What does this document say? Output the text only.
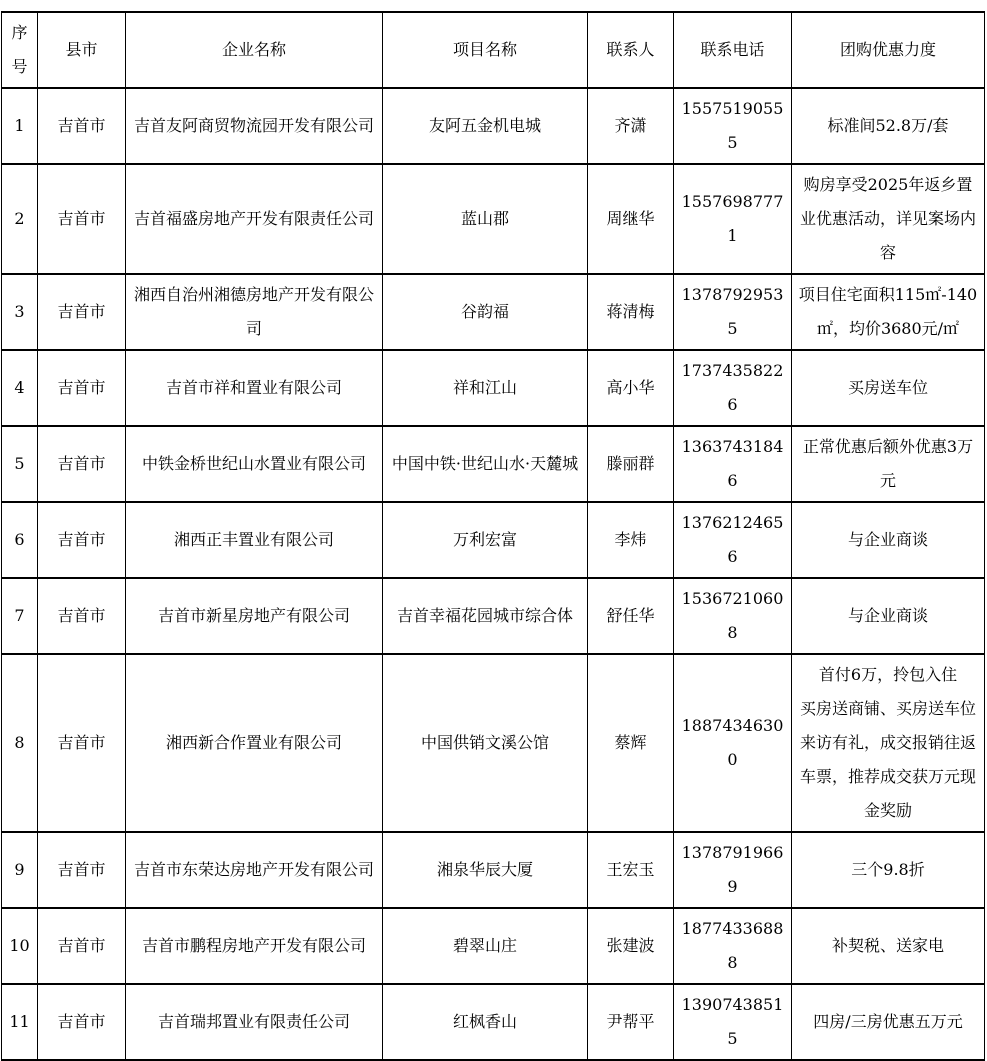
序号	县市	企业名称	项目名称	联系人	联系电话	团购优惠力度
1	吉首市	吉首友阿商贸物流园开发有限公司	友阿五金机电城	齐潇	15575190555	标准间52.8万/套
2	吉首市	吉首福盛房地产开发有限责任公司	蓝山郡	周继华	15576987771	购房享受2025年返乡置业优惠活动，详见案场内容
3	吉首市	湘西自治州湘德房地产开发有限公司	谷韵福	蒋清梅	13787929535	项目住宅面积115㎡-140㎡，均价3680元/㎡
4	吉首市	吉首市祥和置业有限公司	祥和江山	高小华	17374358226	买房送车位
5	吉首市	中铁金桥世纪山水置业有限公司	中国中铁·世纪山水·天麓城	滕丽群	13637431846	正常优惠后额外优惠3万元
6	吉首市	湘西正丰置业有限公司	万利宏富	李炜	13762124656	与企业商谈
7	吉首市	吉首市新星房地产有限公司	吉首幸福花园城市综合体	舒任华	15367210608	与企业商谈
8	吉首市	湘西新合作置业有限公司	中国供销文溪公馆	蔡辉	18874346300	首付6万，拎包入住
买房送商铺、买房送车位
来访有礼，成交报销往返车票，推荐成交获万元现金奖励
9	吉首市	吉首市东荣达房地产开发有限公司	湘泉华辰大厦	王宏玉	13787919669	三个9.8折
10	吉首市	吉首市鹏程房地产开发有限公司	碧翠山庄	张建波	18774336888	补契税、送家电
11	吉首市	吉首瑞邦置业有限责任公司	红枫香山	尹帮平	13907438515	四房/三房优惠五万元
